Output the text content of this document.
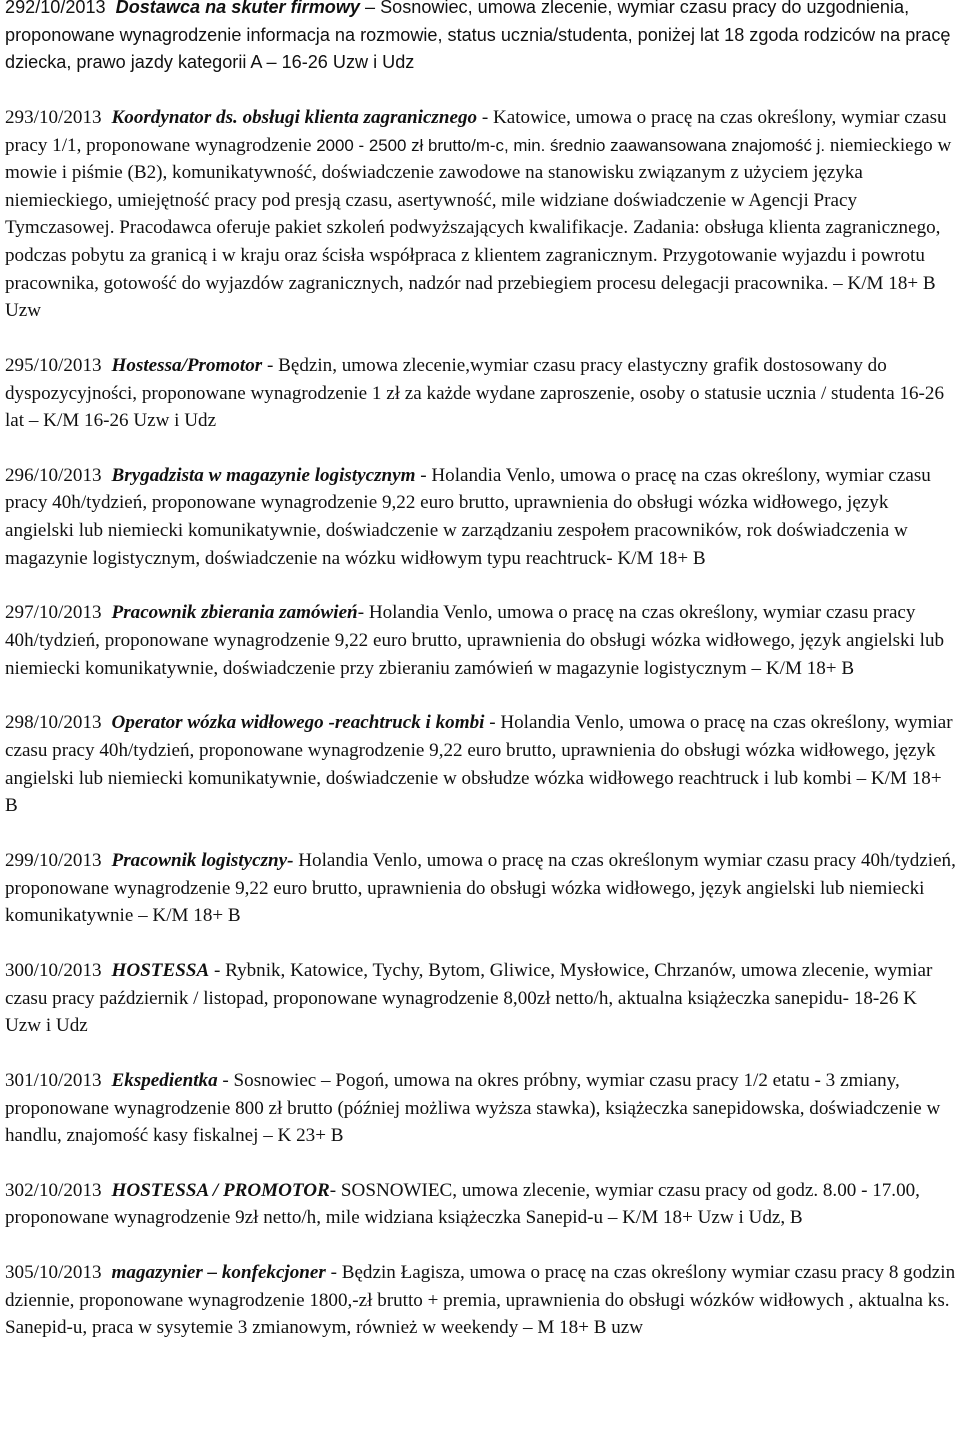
292/10/2013 Dostawca na skuter firmowy – Sosnowiec, umowa zlecenie, wymiar czasu pracy do uzgodnienia, proponowane wynagrodzenie informacja na rozmowie, status ucznia/studenta, poniżej lat 18 zgoda rodziców na pracę dziecka, prawo jazdy kategorii A – 16-26 Uzw i Udz

293/10/2013 Koordynator ds. obsługi klienta zagranicznego - Katowice, umowa o pracę na czas określony, wymiar czasu pracy 1/1, proponowane wynagrodzenie 2000 - 2500 zł brutto/m-c, min. średnio zaawansowana znajomość j. niemieckiego w mowie i piśmie (B2), komunikatywność, doświadczenie zawodowe na stanowisku związanym z użyciem języka niemieckiego, umiejętność pracy pod presją czasu, asertywność, mile widziane doświadczenie w Agencji Pracy Tymczasowej. Pracodawca oferuje pakiet szkoleń podwyższających kwalifikacje. Zadania: obsługa klienta zagranicznego, podczas pobytu za granicą i w kraju oraz ścisła współpraca z klientem zagranicznym. Przygotowanie wyjazdu i powrotu pracownika, gotowość do wyjazdów zagranicznych, nadzór nad przebiegiem procesu delegacji pracownika. – K/M 18+ B Uzw

295/10/2013 Hostessa/Promotor - Będzin, umowa zlecenie,wymiar czasu pracy elastyczny grafik dostosowany do dyspozycyjności, proponowane wynagrodzenie 1 zł za każde wydane zaproszenie, osoby o statusie ucznia / studenta 16-26 lat – K/M 16-26 Uzw i Udz

296/10/2013 Brygadzista w magazynie logistycznym - Holandia Venlo, umowa o pracę na czas określony, wymiar czasu pracy 40h/tydzień, proponowane wynagrodzenie 9,22 euro brutto, uprawnienia do obsługi wózka widłowego, język angielski lub niemiecki komunikatywnie, doświadczenie w zarządzaniu zespołem pracowników, rok doświadczenia w magazynie logistycznym, doświadczenie na wózku widłowym typu reachtruck- K/M 18+ B

297/10/2013 Pracownik zbierania zamówień- Holandia Venlo, umowa o pracę na czas określony, wymiar czasu pracy 40h/tydzień, proponowane wynagrodzenie 9,22 euro brutto, uprawnienia do obsługi wózka widłowego, język angielski lub niemiecki komunikatywnie, doświadczenie przy zbieraniu zamówień w magazynie logistycznym – K/M 18+ B

298/10/2013 Operator wózka widłowego -reachtruck i kombi - Holandia Venlo, umowa o pracę na czas określony, wymiar czasu pracy 40h/tydzień, proponowane wynagrodzenie 9,22 euro brutto, uprawnienia do obsługi wózka widłowego, język angielski lub niemiecki komunikatywnie, doświadczenie w obsłudze wózka widłowego reachtruck i lub kombi – K/M 18+ B

299/10/2013 Pracownik logistyczny- Holandia Venlo, umowa o pracę na czas określonym wymiar czasu pracy 40h/tydzień, proponowane wynagrodzenie 9,22 euro brutto, uprawnienia do obsługi wózka widłowego, język angielski lub niemiecki komunikatywnie – K/M 18+ B

300/10/2013 HOSTESSA - Rybnik, Katowice, Tychy, Bytom, Gliwice, Mysłowice, Chrzanów, umowa zlecenie, wymiar czasu pracy październik / listopad, proponowane wynagrodzenie 8,00zł netto/h, aktualna książeczka sanepidu- 18-26 K Uzw i Udz

301/10/2013 Ekspedientka - Sosnowiec – Pogoń, umowa na okres próbny, wymiar czasu pracy 1/2 etatu - 3 zmiany, proponowane wynagrodzenie 800 zł brutto (później możliwa wyższa stawka), książeczka sanepidowska, doświadczenie w handlu, znajomość kasy fiskalnej – K 23+ B

302/10/2013 HOSTESSA / PROMOTOR- SOSNOWIEC, umowa zlecenie, wymiar czasu pracy od godz. 8.00 - 17.00, proponowane wynagrodzenie 9zł netto/h, mile widziana książeczka Sanepid-u – K/M 18+ Uzw i Udz, B

305/10/2013 magazynier – konfekcjoner - Będzin Łagisza, umowa o pracę na czas określony wymiar czasu pracy 8 godzin dziennie, proponowane wynagrodzenie 1800,-zł brutto + premia, uprawnienia do obsługi wózków widłowych , aktualna ks. Sanepid-u, praca w sysytemie 3 zmianowym, również w weekendy – M 18+ B uzw
